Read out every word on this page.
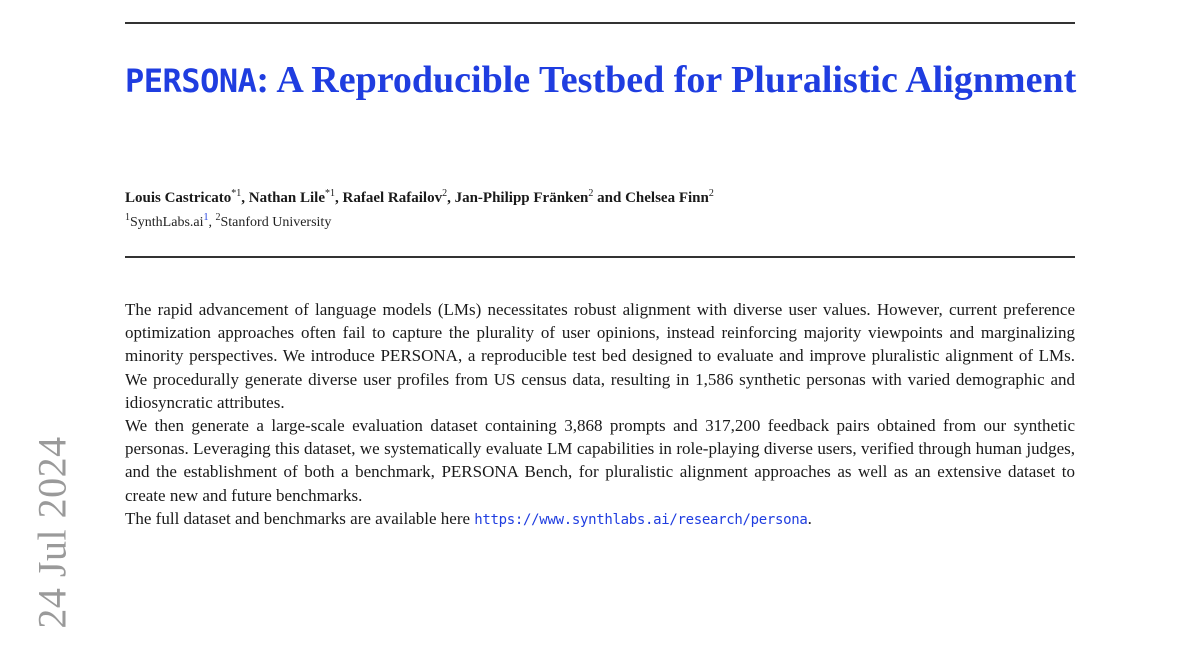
PERSONA: A Reproducible Testbed for Pluralistic Alignment
Louis Castricato$^{*1}$, Nathan Lile$^{*1}$, Rafael Rafailov$^2$, Jan-Philipp Fränken$^2$ and Chelsea Finn$^2$
$^1SynthLabs.ai^1$, $^2$Stanford University

The rapid advancement of language models (LMs) necessitates robust alignment with diverse user values. However, current preference optimization approaches often fail to capture the plurality of user opinions, instead reinforcing majority viewpoints and marginalizing minority perspectives. We introduce PERSONA, a reproducible test bed designed to evaluate and improve pluralistic alignment of LMs. We procedurally generate diverse user profiles from US census data, resulting in 1,586 synthetic personas with varied demographic and idiosyncratic attributes.

We then generate a large-scale evaluation dataset containing 3,868 prompts and 317,200 feedback pairs obtained from our synthetic personas. Leveraging this dataset, we systematically evaluate LM capabilities in role-playing diverse users, verified through human judges, and the establishment of both a benchmark, PERSONA Bench, for pluralistic alignment approaches as well as an extensive dataset to create new and future benchmarks.

The full dataset and benchmarks are available here https://www.synthlabs.ai/research/persona.

24 Jul 2024
